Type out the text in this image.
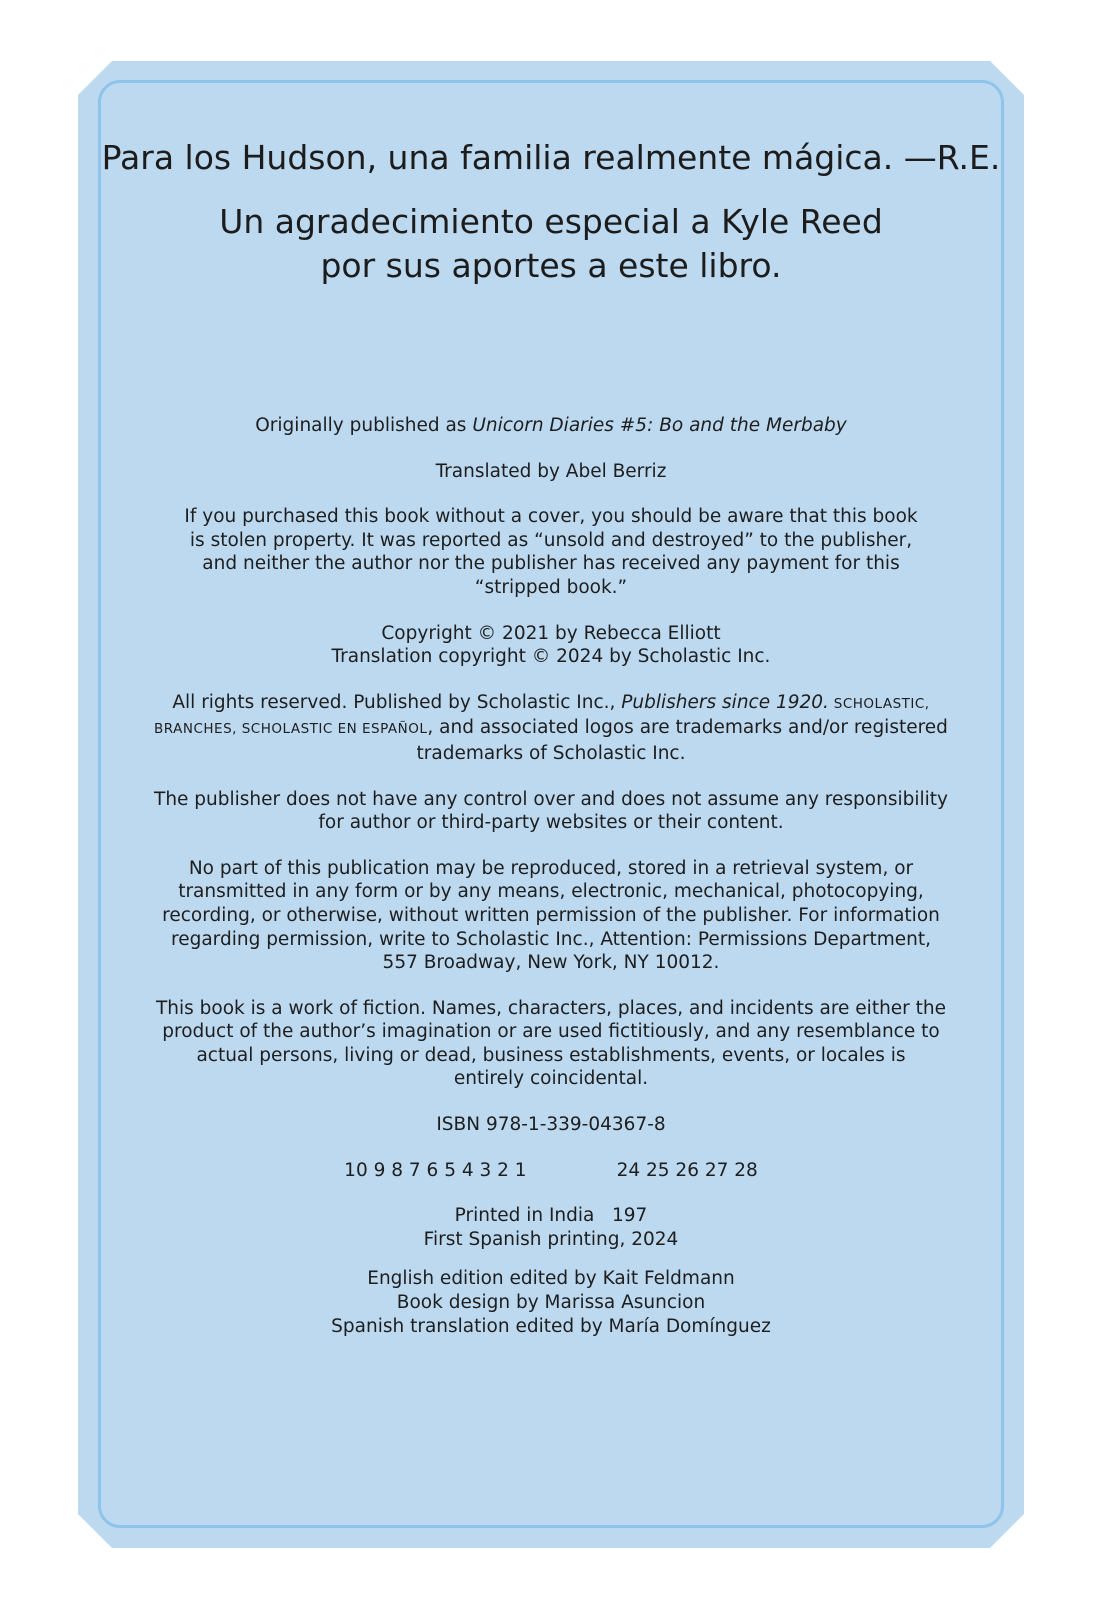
Para los Hudson, una familia realmente mágica. —R.E.

Un agradecimiento especial a Kyle Reed
por sus aportes a este libro.

Originally published as Unicorn Diaries #5: Bo and the Merbaby

Translated by Abel Berriz

If you purchased this book without a cover, you should be aware that this book
is stolen property. It was reported as “unsold and destroyed” to the publisher,
and neither the author nor the publisher has received any payment for this
“stripped book.”

Copyright © 2021 by Rebecca Elliott
Translation copyright © 2024 by Scholastic Inc.

All rights reserved. Published by Scholastic Inc., Publishers since 1920. SCHOLASTIC,
BRANCHES, SCHOLASTIC EN ESPAÑOL, and associated logos are trademarks and/or registered
trademarks of Scholastic Inc.

The publisher does not have any control over and does not assume any responsibility
for author or third-party websites or their content.

No part of this publication may be reproduced, stored in a retrieval system, or
transmitted in any form or by any means, electronic, mechanical, photocopying,
recording, or otherwise, without written permission of the publisher. For information
regarding permission, write to Scholastic Inc., Attention: Permissions Department,
557 Broadway, New York, NY 10012.

This book is a work of fiction. Names, characters, places, and incidents are either the
product of the author’s imagination or are used fictitiously, and any resemblance to
actual persons, living or dead, business establishments, events, or locales is
entirely coincidental.

ISBN 978-1-339-04367-8

10 9 8 7 6 5 4 3 2 1	24 25 26 27 28

Printed in India   197
First Spanish printing, 2024

English edition edited by Kait Feldmann
Book design by Marissa Asuncion
Spanish translation edited by María Domínguez
